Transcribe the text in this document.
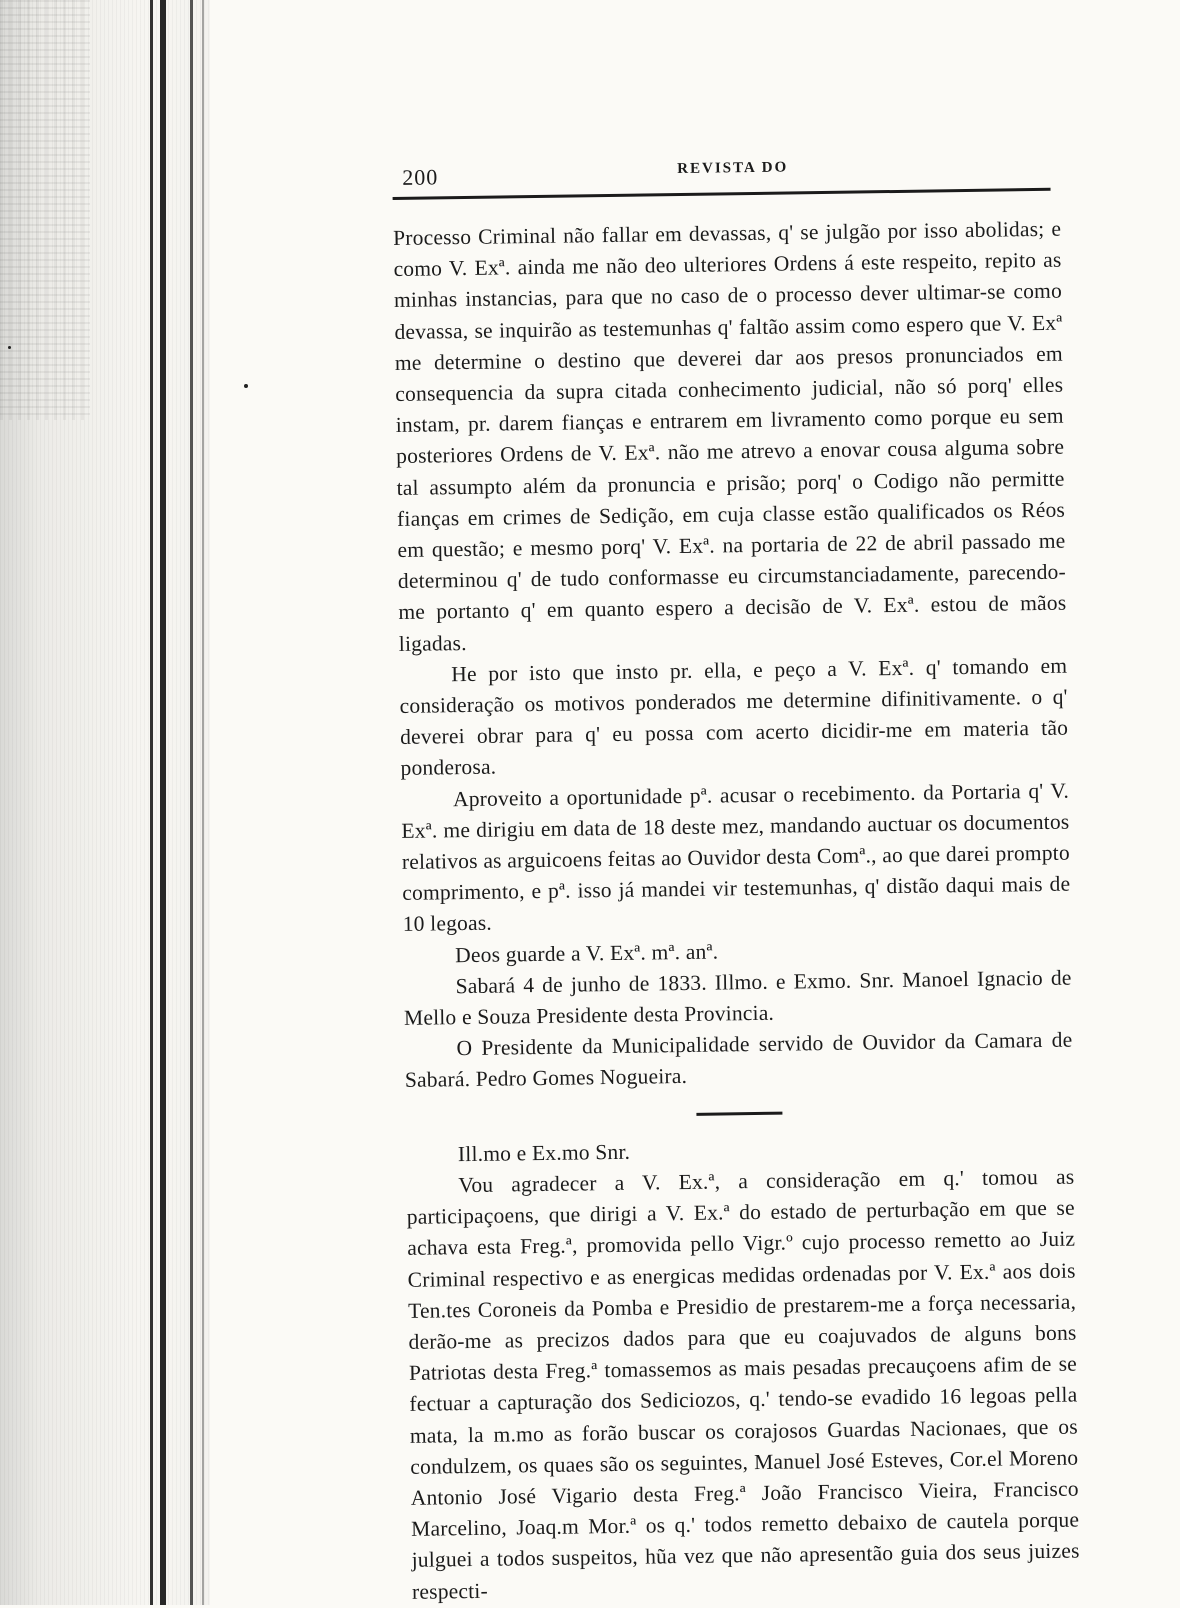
200	REVISTA DO

Processo Criminal não fallar em devassas, q' se julgão por isso abolidas; e como V. Exª. ainda me não deo ulteriores Ordens á este respeito, repito as minhas instancias, para que no caso de o processo dever ultimar-se como devassa, se inquirão as testemunhas q' faltão assim como espero que V. Exª me determine o destino que deverei dar aos presos pronunciados em consequencia da supra citada conhecimento judicial, não só porq' elles instam, pr. darem fianças e entrarem em livramento como porque eu sem posteriores Ordens de V. Exª. não me atrevo a enovar cousa alguma sobre tal assumpto além da pronuncia e prisão; porq' o Codigo não permitte fianças em crimes de Sedição, em cuja classe estão qualificados os Réos em questão; e mesmo porq' V. Exª. na portaria de 22 de abril passado me determinou q' de tudo conformasse eu circumstanciadamente, parecendo-me portanto q' em quanto espero a decisão de V. Exª. estou de mãos ligadas.

He por isto que insto pr. ella, e peço a V. Exª. q' tomando em consideração os motivos ponderados me determine difinitivamente. o q' deverei obrar para q' eu possa com acerto dicidir-me em materia tão ponderosa.

Aproveito a oportunidade pª. acusar o recebimento. da Portaria q' V. Exª. me dirigiu em data de 18 deste mez, mandando auctuar os documentos relativos as arguicoens feitas ao Ouvidor desta Comª., ao que darei prompto comprimento, e pª. isso já mandei vir testemunhas, q' distão daqui mais de 10 legoas.

Deos guarde a V. Exª. mª. anª.

Sabará 4 de junho de 1833. Illmo. e Exmo. Snr. Manoel Ignacio de Mello e Souza Presidente desta Provincia.

O Presidente da Municipalidade servido de Ouvidor da Camara de Sabará. Pedro Gomes Nogueira.

Ill.mo e Ex.mo Snr.

Vou agradecer a V. Ex.ª, a consideração em q.' tomou as participaçoens, que dirigi a V. Ex.ª do estado de perturbação em que se achava esta Freg.ª, promovida pello Vigr.º cujo processo remetto ao Juiz Criminal respectivo e as energicas medidas ordenadas por V. Ex.ª aos dois Ten.tes Coroneis da Pomba e Presidio de prestarem-me a força necessaria, derão-me as precizos dados para que eu coajuvados de alguns bons Patriotas desta Freg.ª tomassemos as mais pesadas precauçoens afim de se fectuar a capturação dos Sediciozos, q.' tendo-se evadido 16 legoas pella mata, la m.mo as forão buscar os corajosos Guardas Nacionaes, que os condulzem, os quaes são os seguintes, Manuel José Esteves, Cor.el Moreno Antonio José Vigario desta Freg.ª João Francisco Vieira, Francisco Marcelino, Joaq.m Mor.ª os q.' todos remetto debaixo de cautela porque julguei a todos suspeitos, hũa vez que não apresentão guia dos seus juizes respecti-
